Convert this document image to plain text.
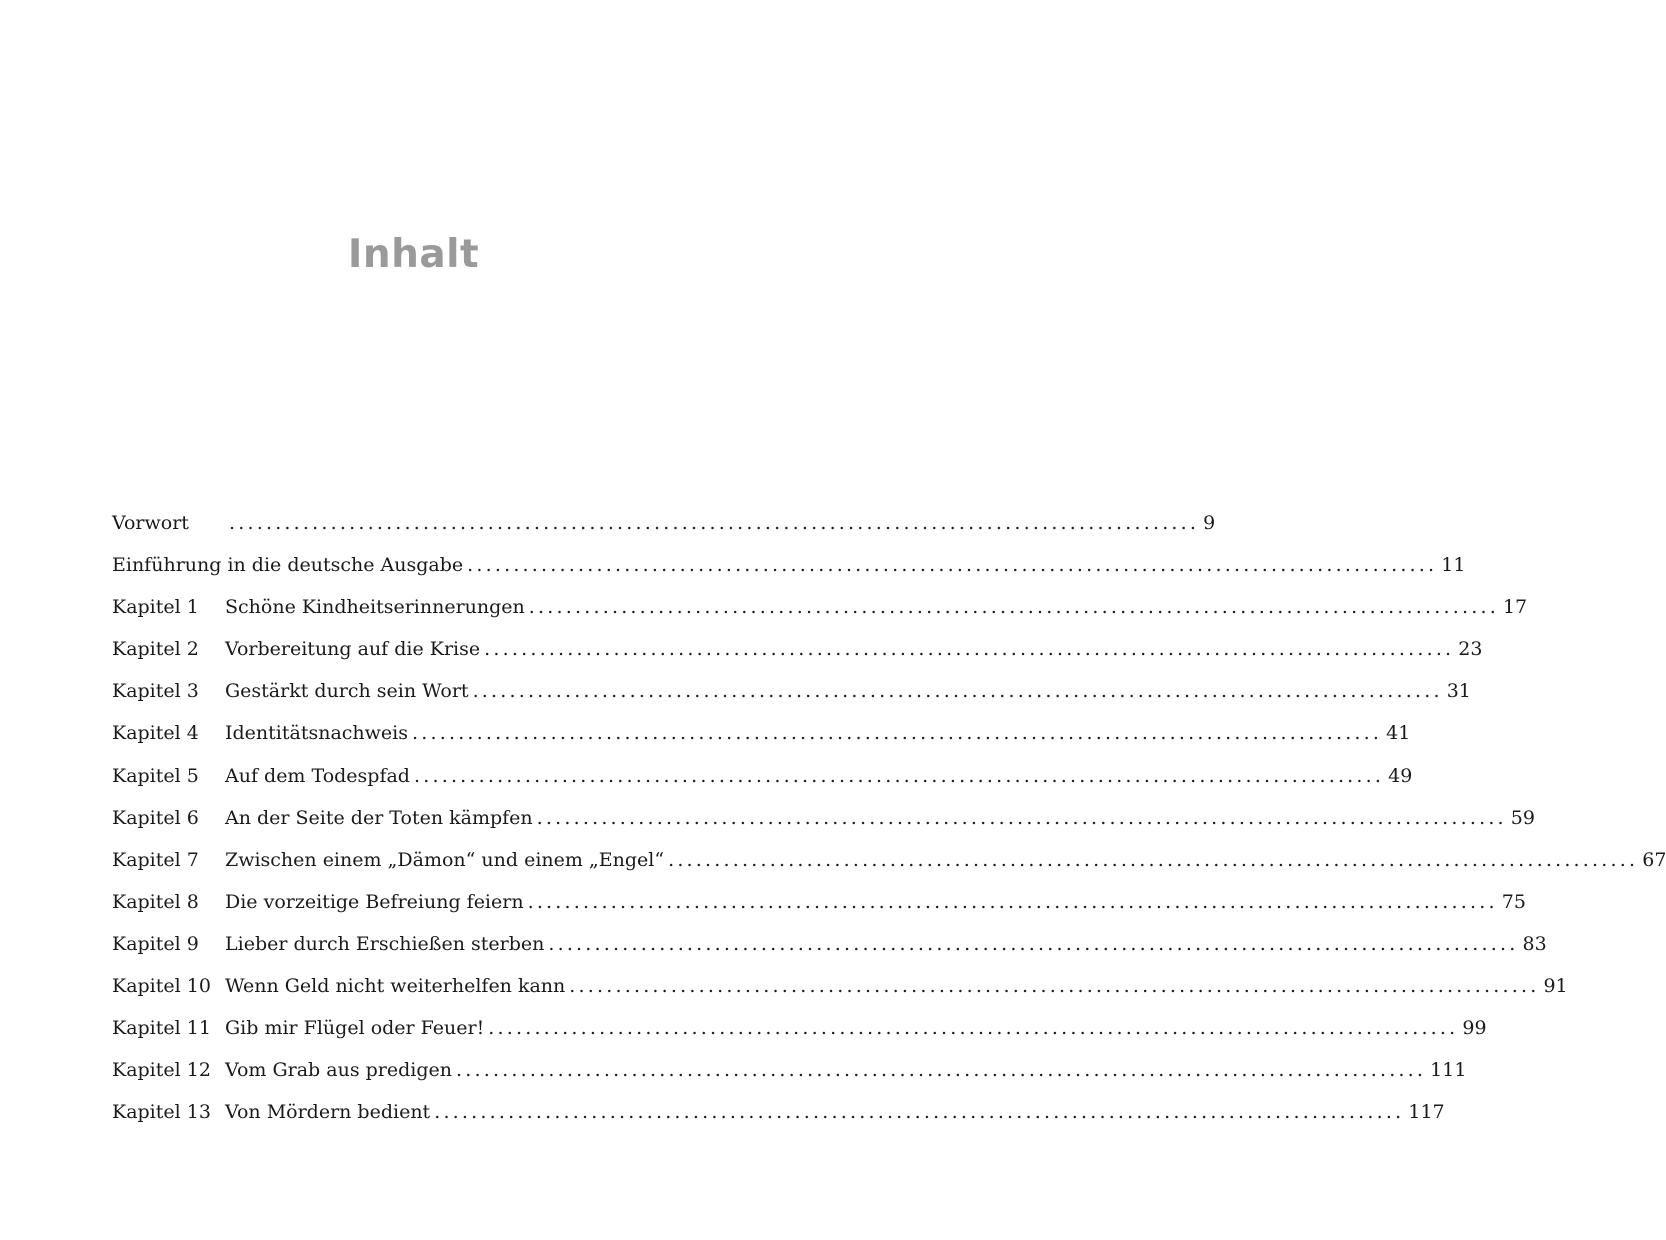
Inhalt
Vorwort	......................................................................................................... 9
Einführung in die deutsche Ausgabe ......................................................................................................... 11
Kapitel 1	Schöne Kindheitserinnerungen ......................................................................................................... 17
Kapitel 2	Vorbereitung auf die Krise ......................................................................................................... 23
Kapitel 3	Gestärkt durch sein Wort ......................................................................................................... 31
Kapitel 4	Identitätsnachweis ......................................................................................................... 41
Kapitel 5	Auf dem Todespfad ......................................................................................................... 49
Kapitel 6	An der Seite der Toten kämpfen ......................................................................................................... 59
Kapitel 7	Zwischen einem „Dämon“ und einem „Engel“ ......................................................................................................... 67
Kapitel 8	Die vorzeitige Befreiung feiern ......................................................................................................... 75
Kapitel 9	Lieber durch Erschießen sterben ......................................................................................................... 83
Kapitel 10 Wenn Geld nicht weiterhelfen kann ......................................................................................................... 91
Kapitel 11 Gib mir Flügel oder Feuer! ......................................................................................................... 99
Kapitel 12 Vom Grab aus predigen ......................................................................................................... 111
Kapitel 13 Von Mördern bedient ......................................................................................................... 117
